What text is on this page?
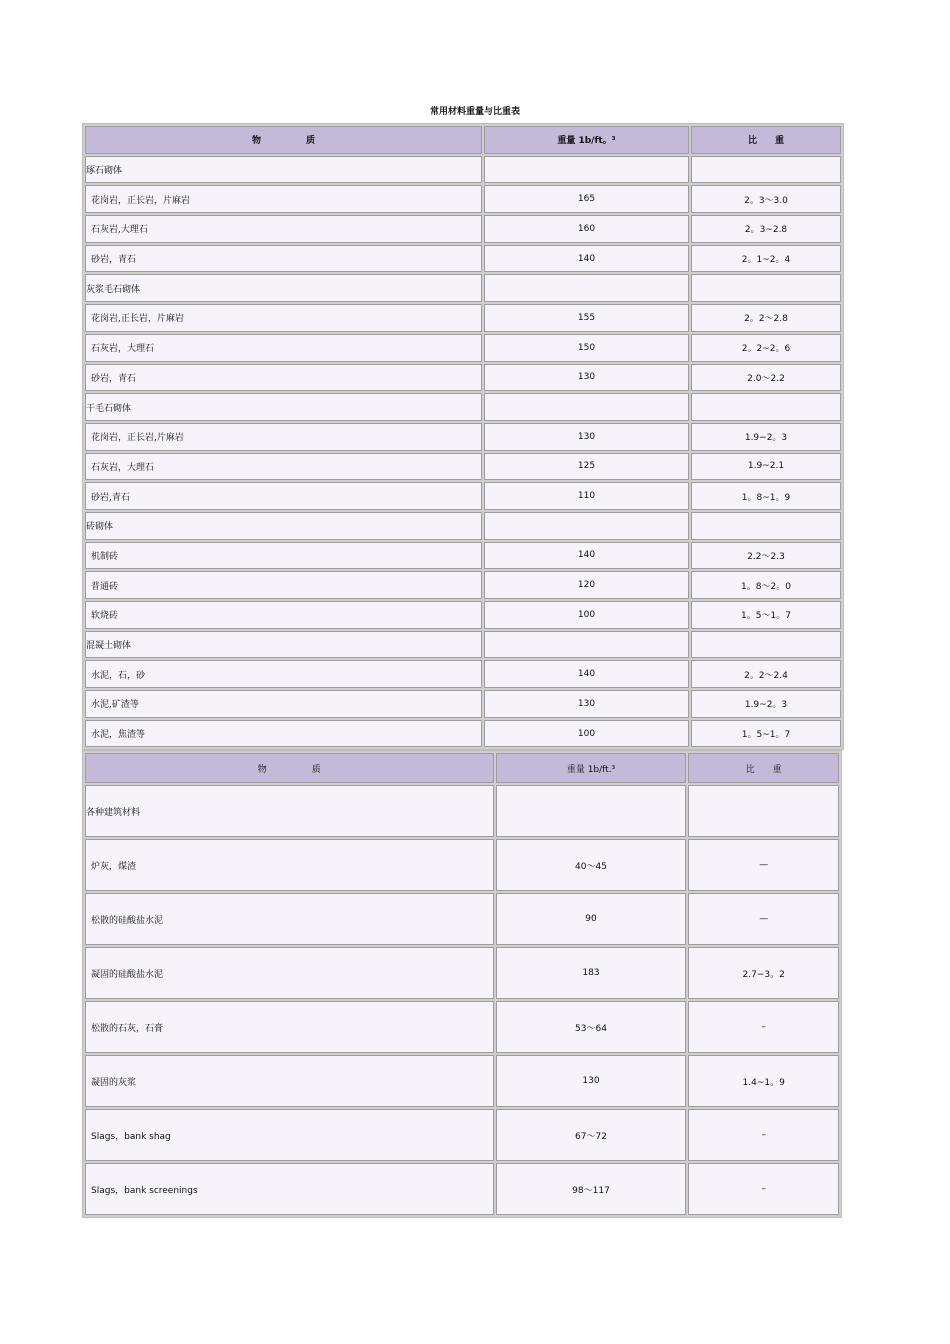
常用材料重量与比重表
物　　　　　质	重量 1b/ft。³	比　　重
琢石砌体		
花岗岩，正长岩，片麻岩	165	2。3～3.0
石灰岩,大理石	160	2。3~2.8
砂岩，青石	140	2。1~2。4
灰浆毛石砌体		
花岗岩,正长岩，片麻岩	155	2。2～2.8
石灰岩，大理石	150	2。2~2。6
砂岩，青石	130	2.0～2.2
干毛石砌体		
花岗岩，正长岩,片麻岩	130	1.9−2。3
石灰岩，大理石	125	1.9~2.1
砂岩,青石	110	1。8~1。9
砖砌体		
机制砖	140	2.2～2.3
普通砖	120	1。8～2。0
软烧砖	100	1。5～1。7
混凝土砌体		
水泥，石，砂	140	2。2～2.4
水泥,矿渣等	130	1.9~2。3
水泥，焦渣等	100	1。5~1。7
物　　　　　质	重量 1b/ft.³	比　　重
各种建筑材料		
炉灰，煤渣	40～45	—
松散的硅酸盐水泥	90	—
凝固的硅酸盐水泥	183	2.7−3。2
松散的石灰，石膏	53～64	–
凝固的灰浆	130	1.4~1。9
Slags，bank shag	67～72	–
Slags，bank screenings	98～117	–
